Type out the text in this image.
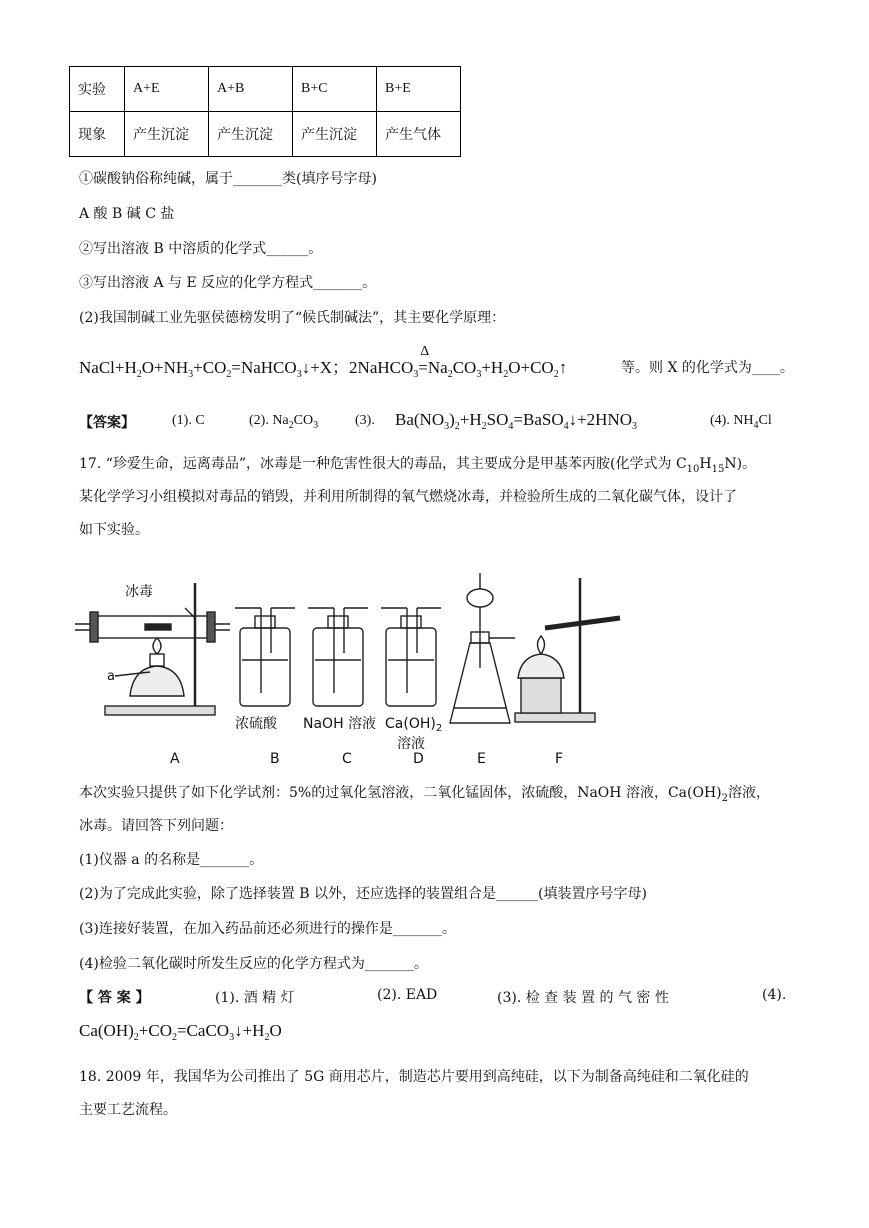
实验	A+E	A+B	B+C	B+E
现象	产生沉淀	产生沉淀	产生沉淀	产生气体
①碳酸钠俗称纯碱，属于_______类(填序号字母)
A 酸 B 碱 C 盐
②写出溶液 B 中溶质的化学式______。
③写出溶液 A 与 E 反应的化学方程式_______。
(2)我国制碱工业先驱侯德榜发明了“候氏制碱法”，其主要化学原理：
$NaCl+H_2O+NH_3+CO_2=NaHCO_3↓+X$；2NaHCO$_3$
Δ
$=Na_2CO_3+H_2O+CO_2↑$	等。则 X 的化学式为____。
【答案】	(1). C	(2). $Na_2CO_3$	(3). $Ba(NO_3)_2+H_2SO_4=BaSO_4↓+2HNO_3$	(4). $NH_4Cl$
17. “珍爱生命，远离毒品”，冰毒是一种危害性很大的毒品，其主要成分是甲基苯丙胺(化学式为 $C_{10}H_{15}N$)。
某化学学习小组模拟对毒品的销毁，并利用所制得的氧气燃烧冰毒，并检验所生成的二氧化碳气体，设计了
如下实验。
冰毒
a
浓硫酸 NaOH 溶液 $Ca(OH)_2$
溶液
A	B	C	D	E	F
本次实验只提供了如下化学试剂：5%的过氧化氢溶液，二氧化锰固体，浓硫酸，NaOH 溶液，$Ca(OH)_2$溶液，
冰毒。请回答下列问题：
(1)仪器 a 的名称是_______。
(2)为了完成此实验，除了选择装置 B 以外，还应选择的装置组合是______(填装置序号字母)
(3)连接好装置，在加入药品前还必须进行的操作是_______。
(4)检验二氧化碳时所发生反应的化学方程式为_______。
【 答 案 】	(1). 酒 精 灯	(2). EAD	(3). 检 查 装 置 的 气 密 性	(4).
$Ca(OH)_2+CO_2=CaCO_3↓+H_2O$
18. 2009 年，我国华为公司推出了 5G 商用芯片，制造芯片要用到高纯硅，以下为制备高纯硅和二氧化硅的
主要工艺流程。
